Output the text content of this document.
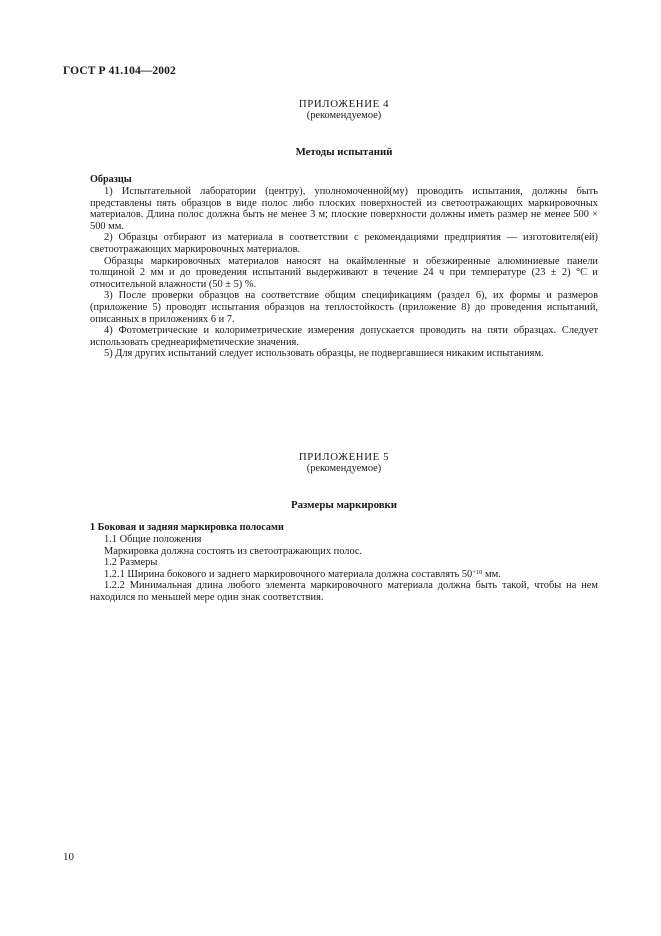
ГОСТ Р 41.104—2002
ПРИЛОЖЕНИЕ 4
(рекомендуемое)
Методы испытаний
Образцы

1) Испытательной лаборатории (центру), уполномоченной(му) проводить испытания, должны быть представлены пять образцов в виде полос либо плоских поверхностей из светоотражающих маркировочных материалов. Длина полос должна быть не менее 3 м; плоские поверхности должны иметь размер не менее 500 × 500 мм.

2) Образцы отбирают из материала в соответствии с рекомендациями предприятия — изготовителя(ей) светоотражающих маркировочных материалов.

Образцы маркировочных материалов наносят на окаймленные и обезжиренные алюминиевые панели толщиной 2 мм и до проведения испытаний выдерживают в течение 24 ч при температуре (23 ± 2) °С и относительной влажности (50 ± 5) %.

3) После проверки образцов на соответствие общим спецификациям (раздел 6), их формы и размеров (приложение 5) проводят испытания образцов на теплостойкость (приложение 8) до проведения испытаний, описанных в приложениях 6 и 7.

4) Фотометрические и колориметрические измерения допускается проводить на пяти образцах. Следует использовать среднеарифметические значения.

5) Для других испытаний следует использовать образцы, не подвергавшиеся никаким испытаниям.

ПРИЛОЖЕНИЕ 5
(рекомендуемое)
Размеры маркировки
1 Боковая и задняя маркировка полосами

1.1 Общие положения

Маркировка должна состоять из светоотражающих полос.

1.2 Размеры

1.2.1 Ширина бокового и заднего маркировочного материала должна составлять $50^{+10}$ мм.

1.2.2 Минимальная длина любого элемента маркировочного материала должна быть такой, чтобы на нем находился по меньшей мере один знак соответствия.

10
